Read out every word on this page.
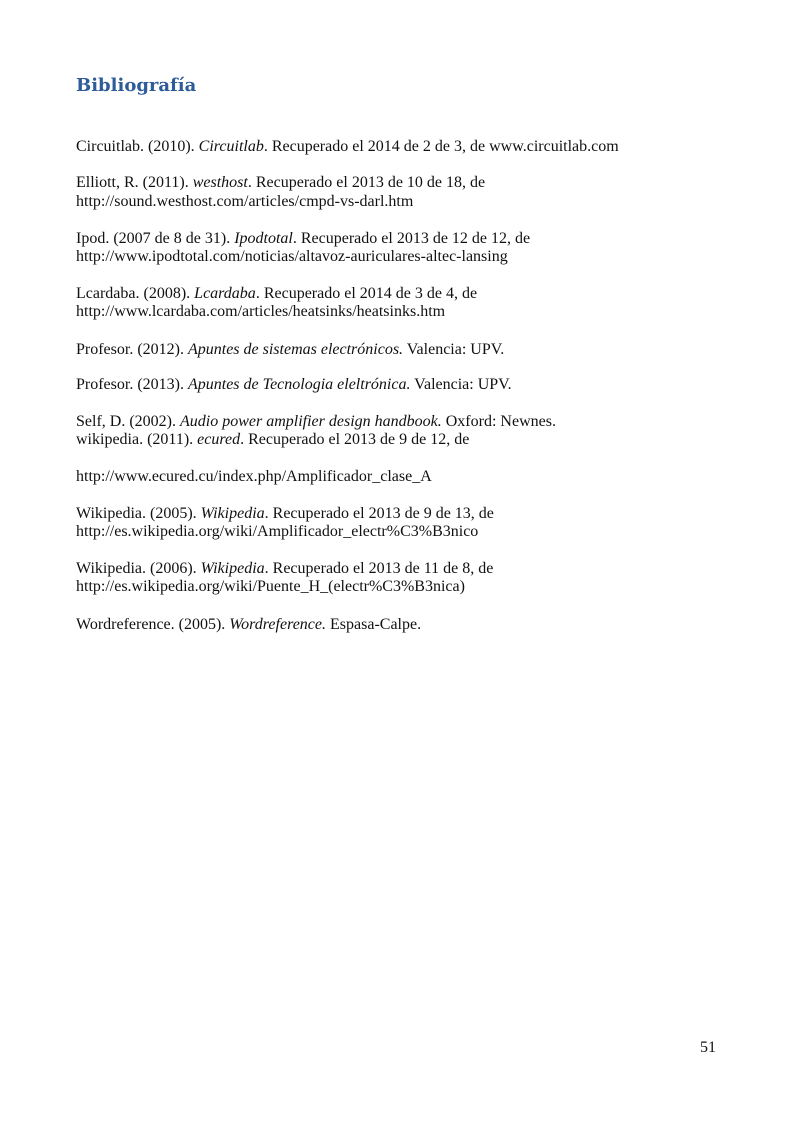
Bibliografía
Circuitlab. (2010). Circuitlab. Recuperado el 2014 de 2 de 3, de www.circuitlab.com
Elliott, R. (2011). westhost. Recuperado el 2013 de 10 de 18, de
http://sound.westhost.com/articles/cmpd-vs-darl.htm
Ipod. (2007 de 8 de 31). Ipodtotal. Recuperado el 2013 de 12 de 12, de
http://www.ipodtotal.com/noticias/altavoz-auriculares-altec-lansing
Lcardaba. (2008). Lcardaba. Recuperado el 2014 de 3 de 4, de
http://www.lcardaba.com/articles/heatsinks/heatsinks.htm
Profesor. (2012). Apuntes de sistemas electrónicos. Valencia: UPV.
Profesor. (2013). Apuntes de Tecnologia eleltrónica. Valencia: UPV.
Self, D. (2002). Audio power amplifier design handbook. Oxford: Newnes.
wikipedia. (2011). ecured. Recuperado el 2013 de 9 de 12, de
http://www.ecured.cu/index.php/Amplificador_clase_A
Wikipedia. (2005). Wikipedia. Recuperado el 2013 de 9 de 13, de
http://es.wikipedia.org/wiki/Amplificador_electr%C3%B3nico
Wikipedia. (2006). Wikipedia. Recuperado el 2013 de 11 de 8, de
http://es.wikipedia.org/wiki/Puente_H_(electr%C3%B3nica)
Wordreference. (2005). Wordreference. Espasa-Calpe.
51
